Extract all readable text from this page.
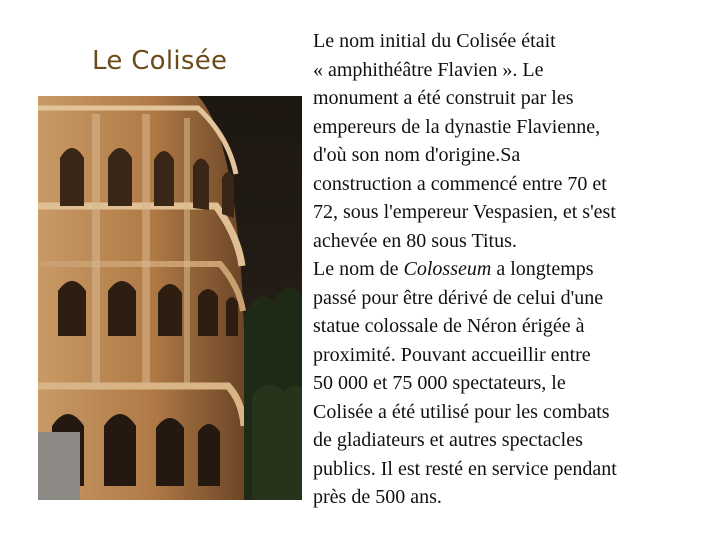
Le Colisée

Le nom initial du Colisée était
« amphithéâtre Flavien ». Le
monument a été construit par les
empereurs de la dynastie Flavienne,
d'où son nom d'origine.Sa
construction a commencé entre 70 et
72, sous l'empereur Vespasien, et s'est
achevée en 80 sous Titus.

Le nom de Colosseum a longtemps
passé pour être dérivé de celui d'une
statue colossale de Néron érigée à
proximité. Pouvant accueillir entre
50 000 et 75 000 spectateurs, le
Colisée a été utilisé pour les combats
de gladiateurs et autres spectacles
publics. Il est resté en service pendant
près de 500 ans.
